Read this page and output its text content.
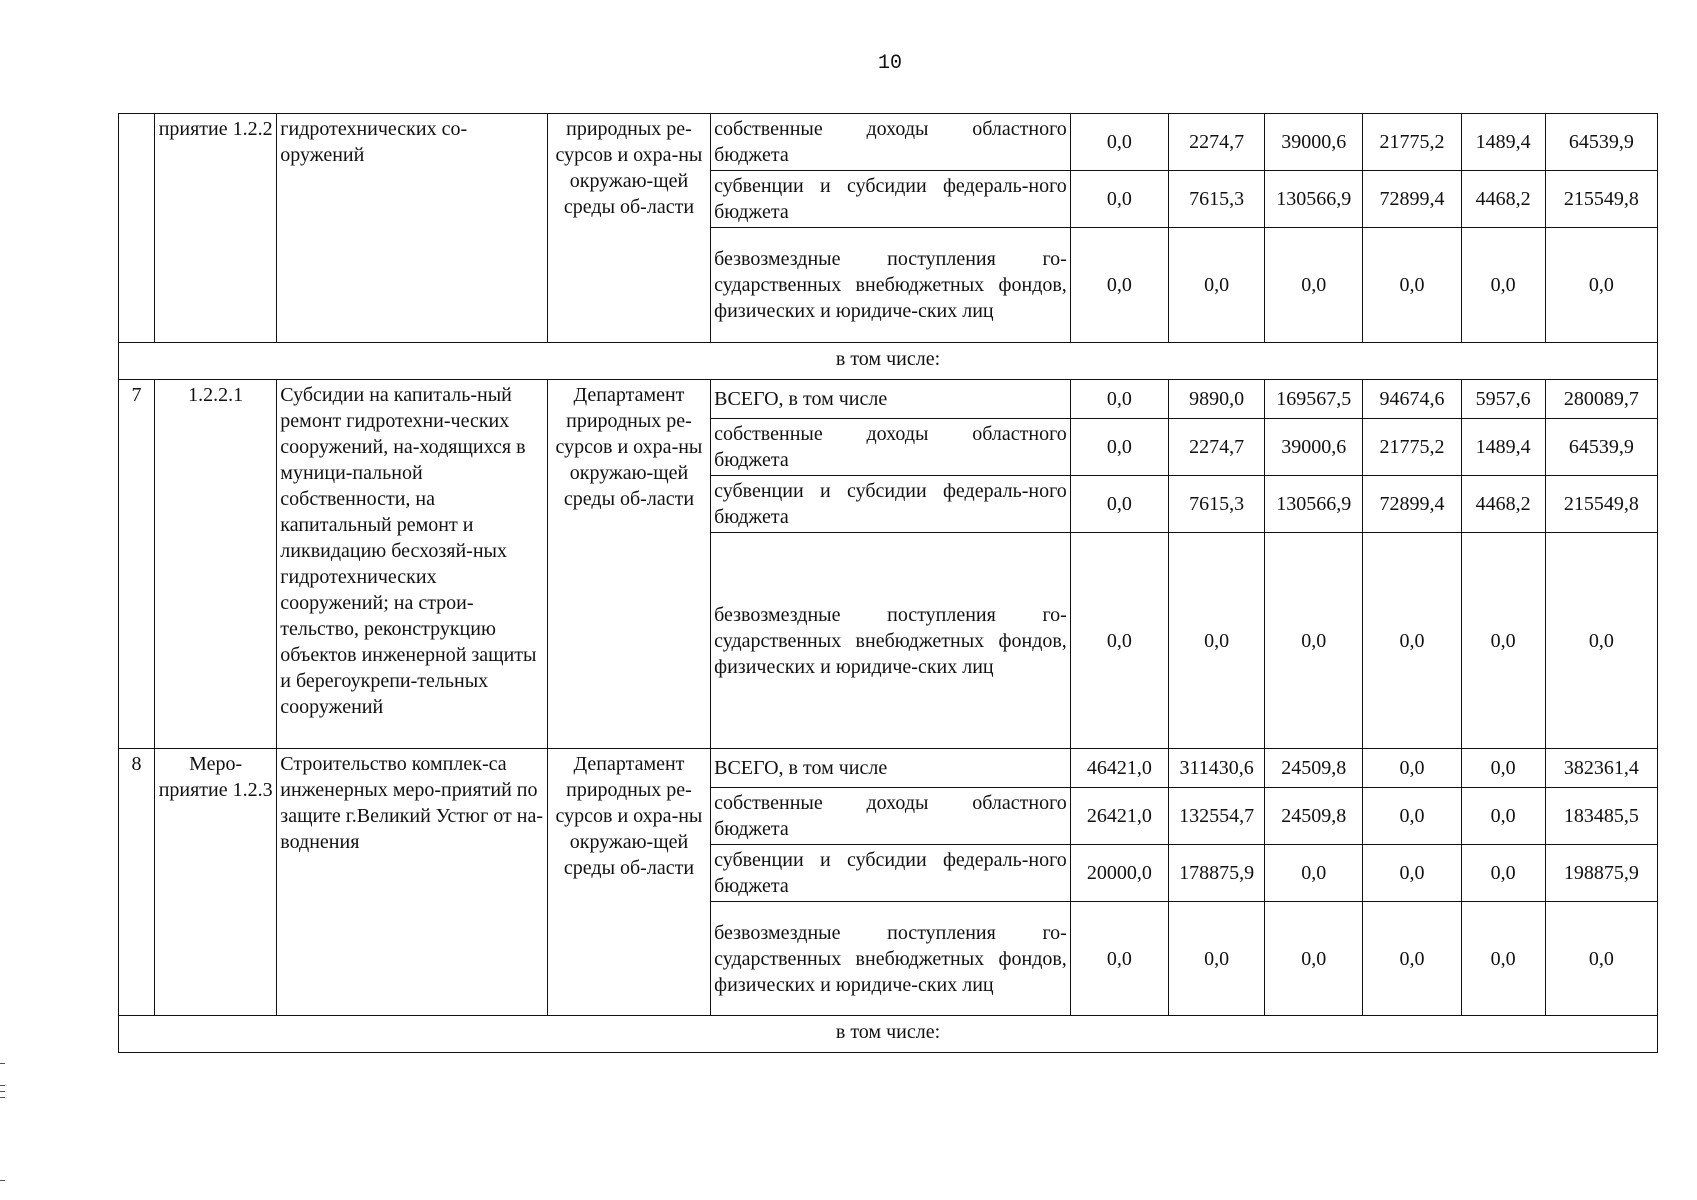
10
	приятие 1.2.2	гидротехнических со-оружений	природных ре-сурсов и охра-ны окружаю-щей среды об-ласти	собственные доходы областного бюджета	0,0	2274,7	39000,6	21775,2	1489,4	64539,9
				субвенции и субсидии федераль-ного бюджета	0,0	7615,3	130566,9	72899,4	4468,2	215549,8
				безвозмездные поступления го-сударственных внебюджетных фондов, физических и юридиче-ских лиц	0,0	0,0	0,0	0,0	0,0	0,0
в том числе:										
7	1.2.2.1	Субсидии на капиталь-ный ремонт гидротехни-ческих сооружений, на-ходящихся в муници-пальной собственности, на капитальный ремонт и ликвидацию бесхозяй-ных гидротехнических сооружений; на строи-тельство, реконструкцию объектов инженерной защиты и берегоукрепи-тельных сооружений	Департамент природных ре-сурсов и охра-ны окружаю-щей среды об-ласти	ВСЕГО, в том числе	0,0	9890,0	169567,5	94674,6	5957,6	280089,7
				собственные доходы областного бюджета	0,0	2274,7	39000,6	21775,2	1489,4	64539,9
				субвенции и субсидии федераль-ного бюджета	0,0	7615,3	130566,9	72899,4	4468,2	215549,8
				безвозмездные поступления го-сударственных внебюджетных фондов, физических и юридиче-ских лиц	0,0	0,0	0,0	0,0	0,0	0,0
8	Меро-приятие 1.2.3	Строительство комплек-са инженерных меро-приятий по защите г.Великий Устюг от на-воднения	Департамент природных ре-сурсов и охра-ны окружаю-щей среды об-ласти	ВСЕГО, в том числе	46421,0	311430,6	24509,8	0,0	0,0	382361,4
				собственные доходы областного бюджета	26421,0	132554,7	24509,8	0,0	0,0	183485,5
				субвенции и субсидии федераль-ного бюджета	20000,0	178875,9	0,0	0,0	0,0	198875,9
				безвозмездные поступления го-сударственных внебюджетных фондов, физических и юридиче-ских лиц	0,0	0,0	0,0	0,0	0,0	0,0
в том числе:										
